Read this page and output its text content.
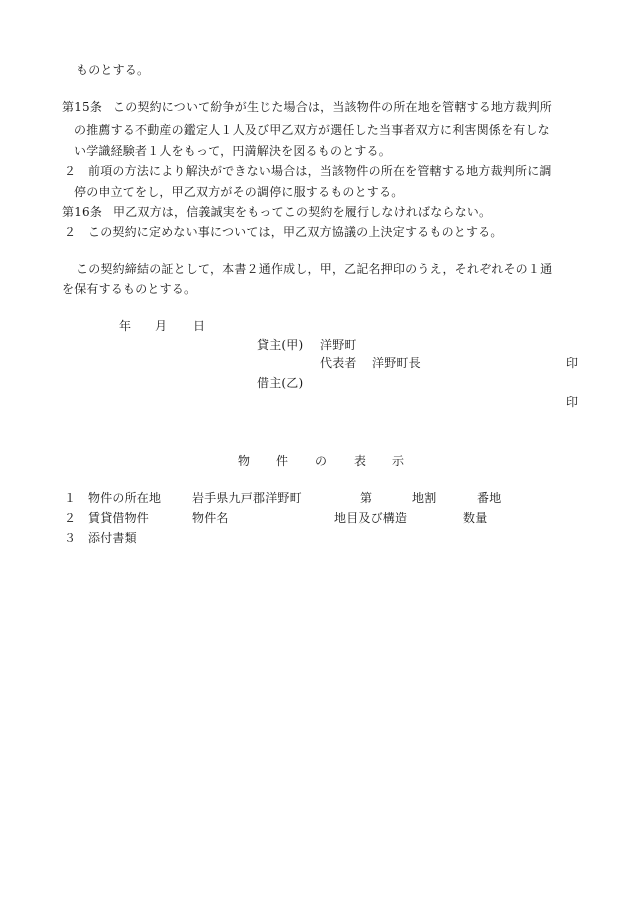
ものとする。
第15条 この契約について紛争が生じた場合は，当該物件の所在地を管轄する地方裁判所
の推薦する不動産の鑑定人１人及び甲乙双方が選任した当事者双方に利害関係を有しな
い学識経験者１人をもって，円満解決を図るものとする。
２ 前項の方法により解決ができない場合は，当該物件の所在を管轄する地方裁判所に調
停の申立てをし，甲乙双方がその調停に服するものとする。
第16条 甲乙双方は，信義誠実をもってこの契約を履行しなければならない。
２ この契約に定めない事については，甲乙双方協議の上決定するものとする。
この契約締結の証として，本書２通作成し，甲，乙記名押印のうえ，それぞれその１通
を保有するものとする。
年 月 日
貸主(甲) 洋野町
代表者 洋野町長	印
借主(乙)
印
物 件 の 表 示
１ 物件の所在地	岩手県九戸郡洋野町	第	地割	番地
２ 賃貸借物件	物件名	地目及び構造	数量
３ 添付書類
